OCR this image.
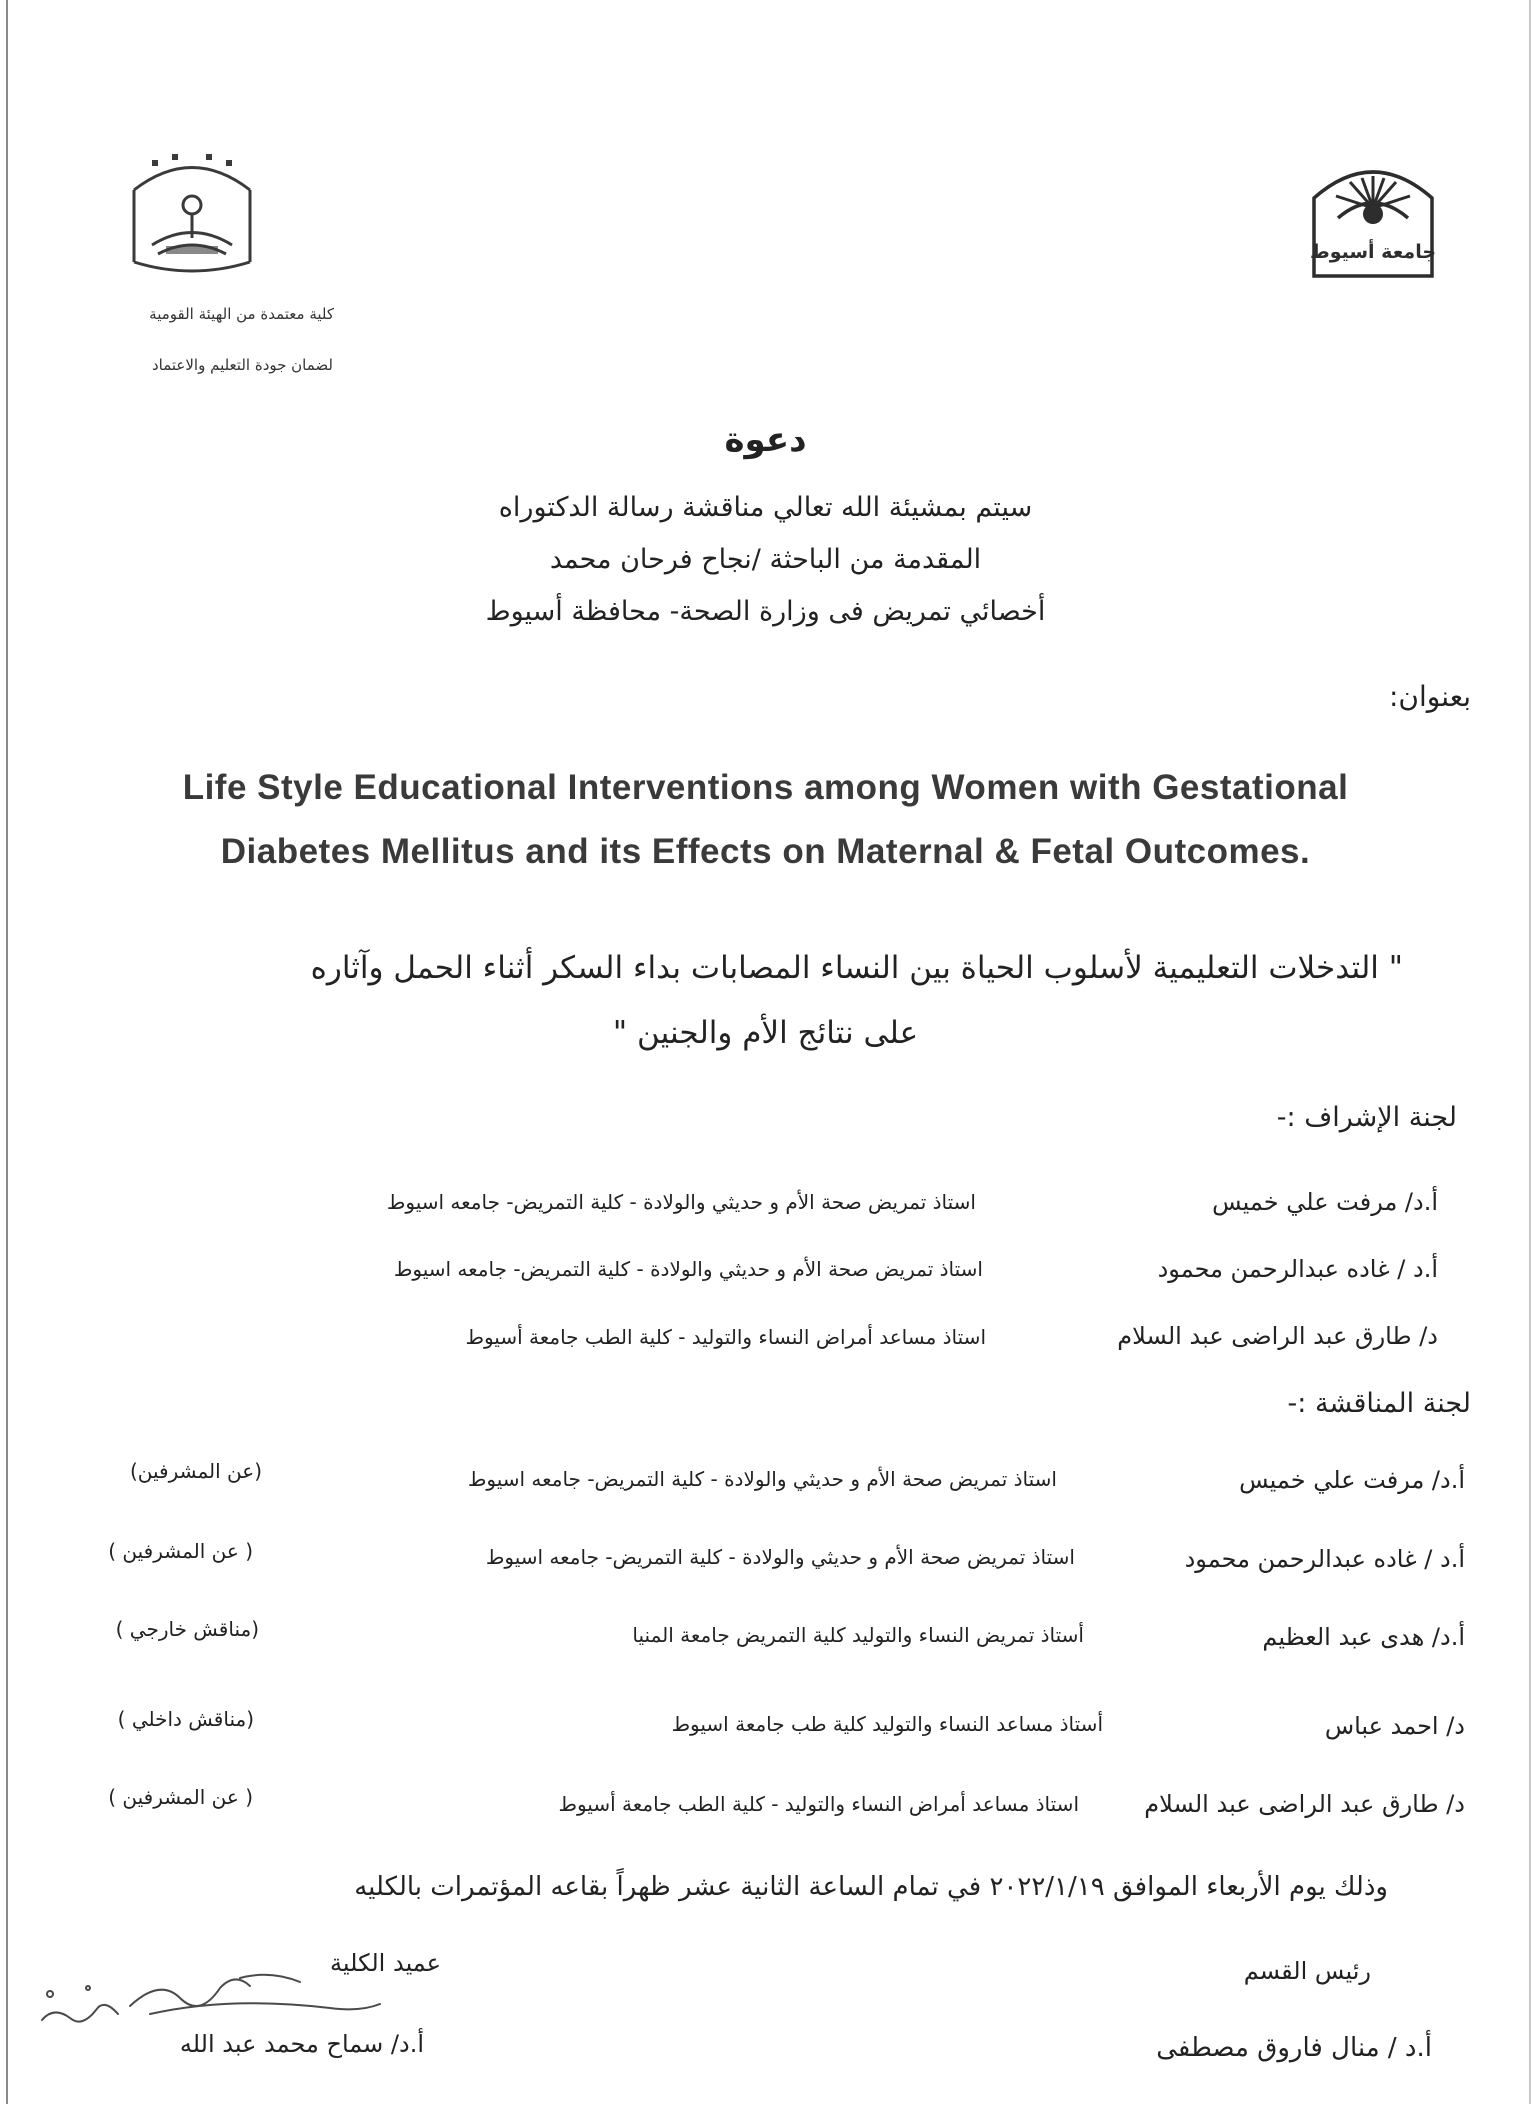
جامعة أسيوط
كلية معتمدة من الهيئة القومية
لضمان جودة التعليم والاعتماد
دعوة
سيتم بمشيئة الله تعالي مناقشة رسالة الدكتوراه
المقدمة من الباحثة /نجاح فرحان محمد
أخصائي تمريض فى وزارة الصحة- محافظة أسيوط
بعنوان:
Life Style Educational Interventions among Women with Gestational
Diabetes Mellitus and its Effects on Maternal & Fetal Outcomes.
" التدخلات التعليمية لأسلوب الحياة بين النساء المصابات بداء السكر أثناء الحمل وآثاره
على نتائج الأم والجنين "
لجنة الإشراف :-
أ.د/ مرفت علي خميس
استاذ تمريض صحة الأم و حديثي والولادة - كلية التمريض- جامعه اسيوط
أ.د / غاده عبدالرحمن محمود
استاذ تمريض صحة الأم و حديثي والولادة - كلية التمريض- جامعه اسيوط
د/ طارق عبد الراضى عبد السلام
استاذ مساعد أمراض النساء والتوليد - كلية الطب جامعة أسيوط
لجنة المناقشة :-
أ.د/ مرفت علي خميس
استاذ تمريض صحة الأم و حديثي والولادة - كلية التمريض- جامعه اسيوط
(عن المشرفين)
أ.د / غاده عبدالرحمن محمود
استاذ تمريض صحة الأم و حديثي والولادة - كلية التمريض- جامعه اسيوط
( عن المشرفين )
أ.د/ هدى عبد العظيم
أستاذ تمريض النساء والتوليد كلية التمريض جامعة المنيا
(مناقش خارجي )
د/ احمد عباس
أستاذ مساعد النساء والتوليد كلية طب جامعة اسيوط
(مناقش داخلي )
د/ طارق عبد الراضى عبد السلام
استاذ مساعد أمراض النساء والتوليد - كلية الطب جامعة أسيوط
( عن المشرفين )
وذلك يوم الأربعاء الموافق ٢٠٢٢/١/١٩ في تمام الساعة الثانية عشر ظهراً بقاعه المؤتمرات بالكليه
رئيس القسم
أ.د / منال فاروق مصطفى
عميد الكلية
أ.د/ سماح محمد عبد الله
